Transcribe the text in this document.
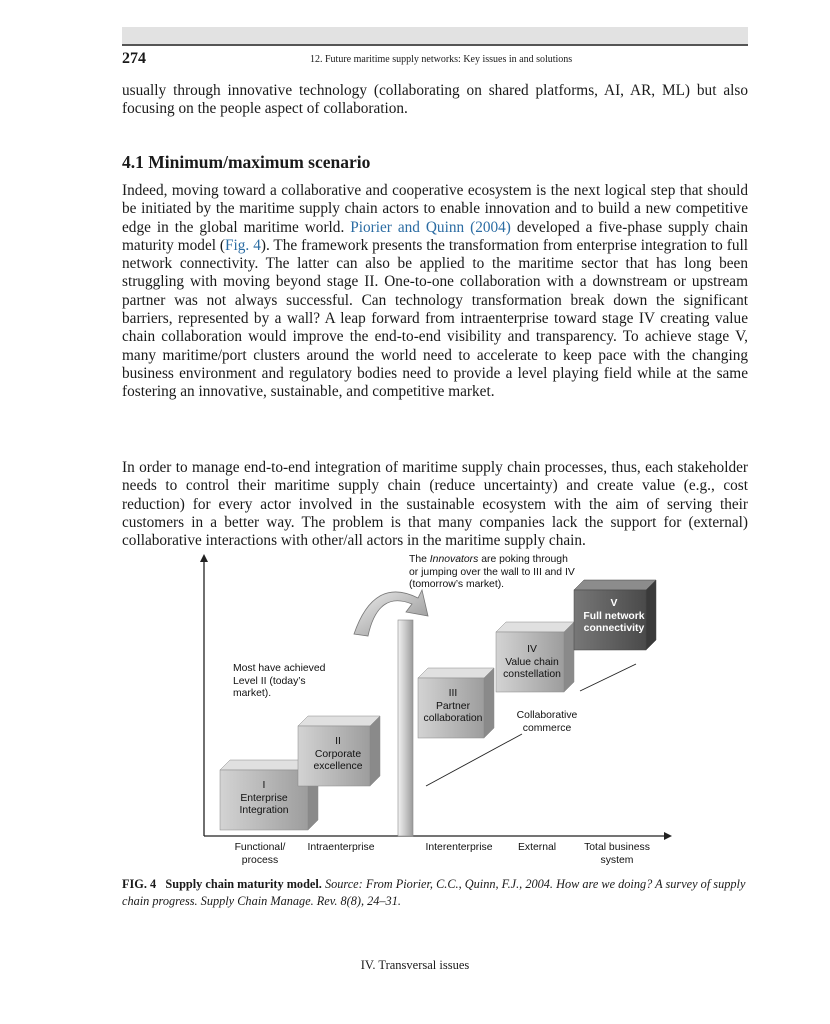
274	12. Future maritime supply networks: Key issues in and solutions

usually through innovative technology (collaborating on shared platforms, AI, AR, ML) but also focusing on the people aspect of collaboration.

4.1 Minimum/maximum scenario

Indeed, moving toward a collaborative and cooperative ecosystem is the next logical step that should be initiated by the maritime supply chain actors to enable innovation and to build a new competitive edge in the global maritime world. Piorier and Quinn (2004) developed a five-phase supply chain maturity model (Fig. 4). The framework presents the transformation from enterprise integration to full network connectivity. The latter can also be applied to the maritime sector that has long been struggling with moving beyond stage II. One-to-one collaboration with a downstream or upstream partner was not always successful. Can technology transformation break down the significant barriers, represented by a wall? A leap forward from intraenterprise toward stage IV creating value chain collaboration would improve the end-to-end visibility and transparency. To achieve stage V, many maritime/port clusters around the world need to accelerate to keep pace with the changing business environment and regulatory bodies need to provide a level playing field while at the same fostering an innovative, sustainable, and competitive market.

In order to manage end-to-end integration of maritime supply chain processes, thus, each stakeholder needs to control their maritime supply chain (reduce uncertainty) and create value (e.g., cost reduction) for every actor involved in the sustainable ecosystem with the aim of serving their customers in a better way. The problem is that many companies lack the support for (external) collaborative interactions with other/all actors in the maritime supply chain.

The Innovators are poking through
or jumping over the wall to III and IV
(tomorrow’s market).
Most have achieved
Level II (today’s
market).
Collaborative
commerce
I
Enterprise
Integration
II
Corporate
excellence
III
Partner
collaboration
IV
Value chain
constellation
V
Full network
connectivity
Functional/
process
Intraenterprise	Interenterprise	External	Total business
system

FIG. 4 Supply chain maturity model. Source: From Piorier, C.C., Quinn, F.J., 2004. How are we doing? A survey of supply chain progress. Supply Chain Manage. Rev. 8(8), 24–31.

IV. Transversal issues
